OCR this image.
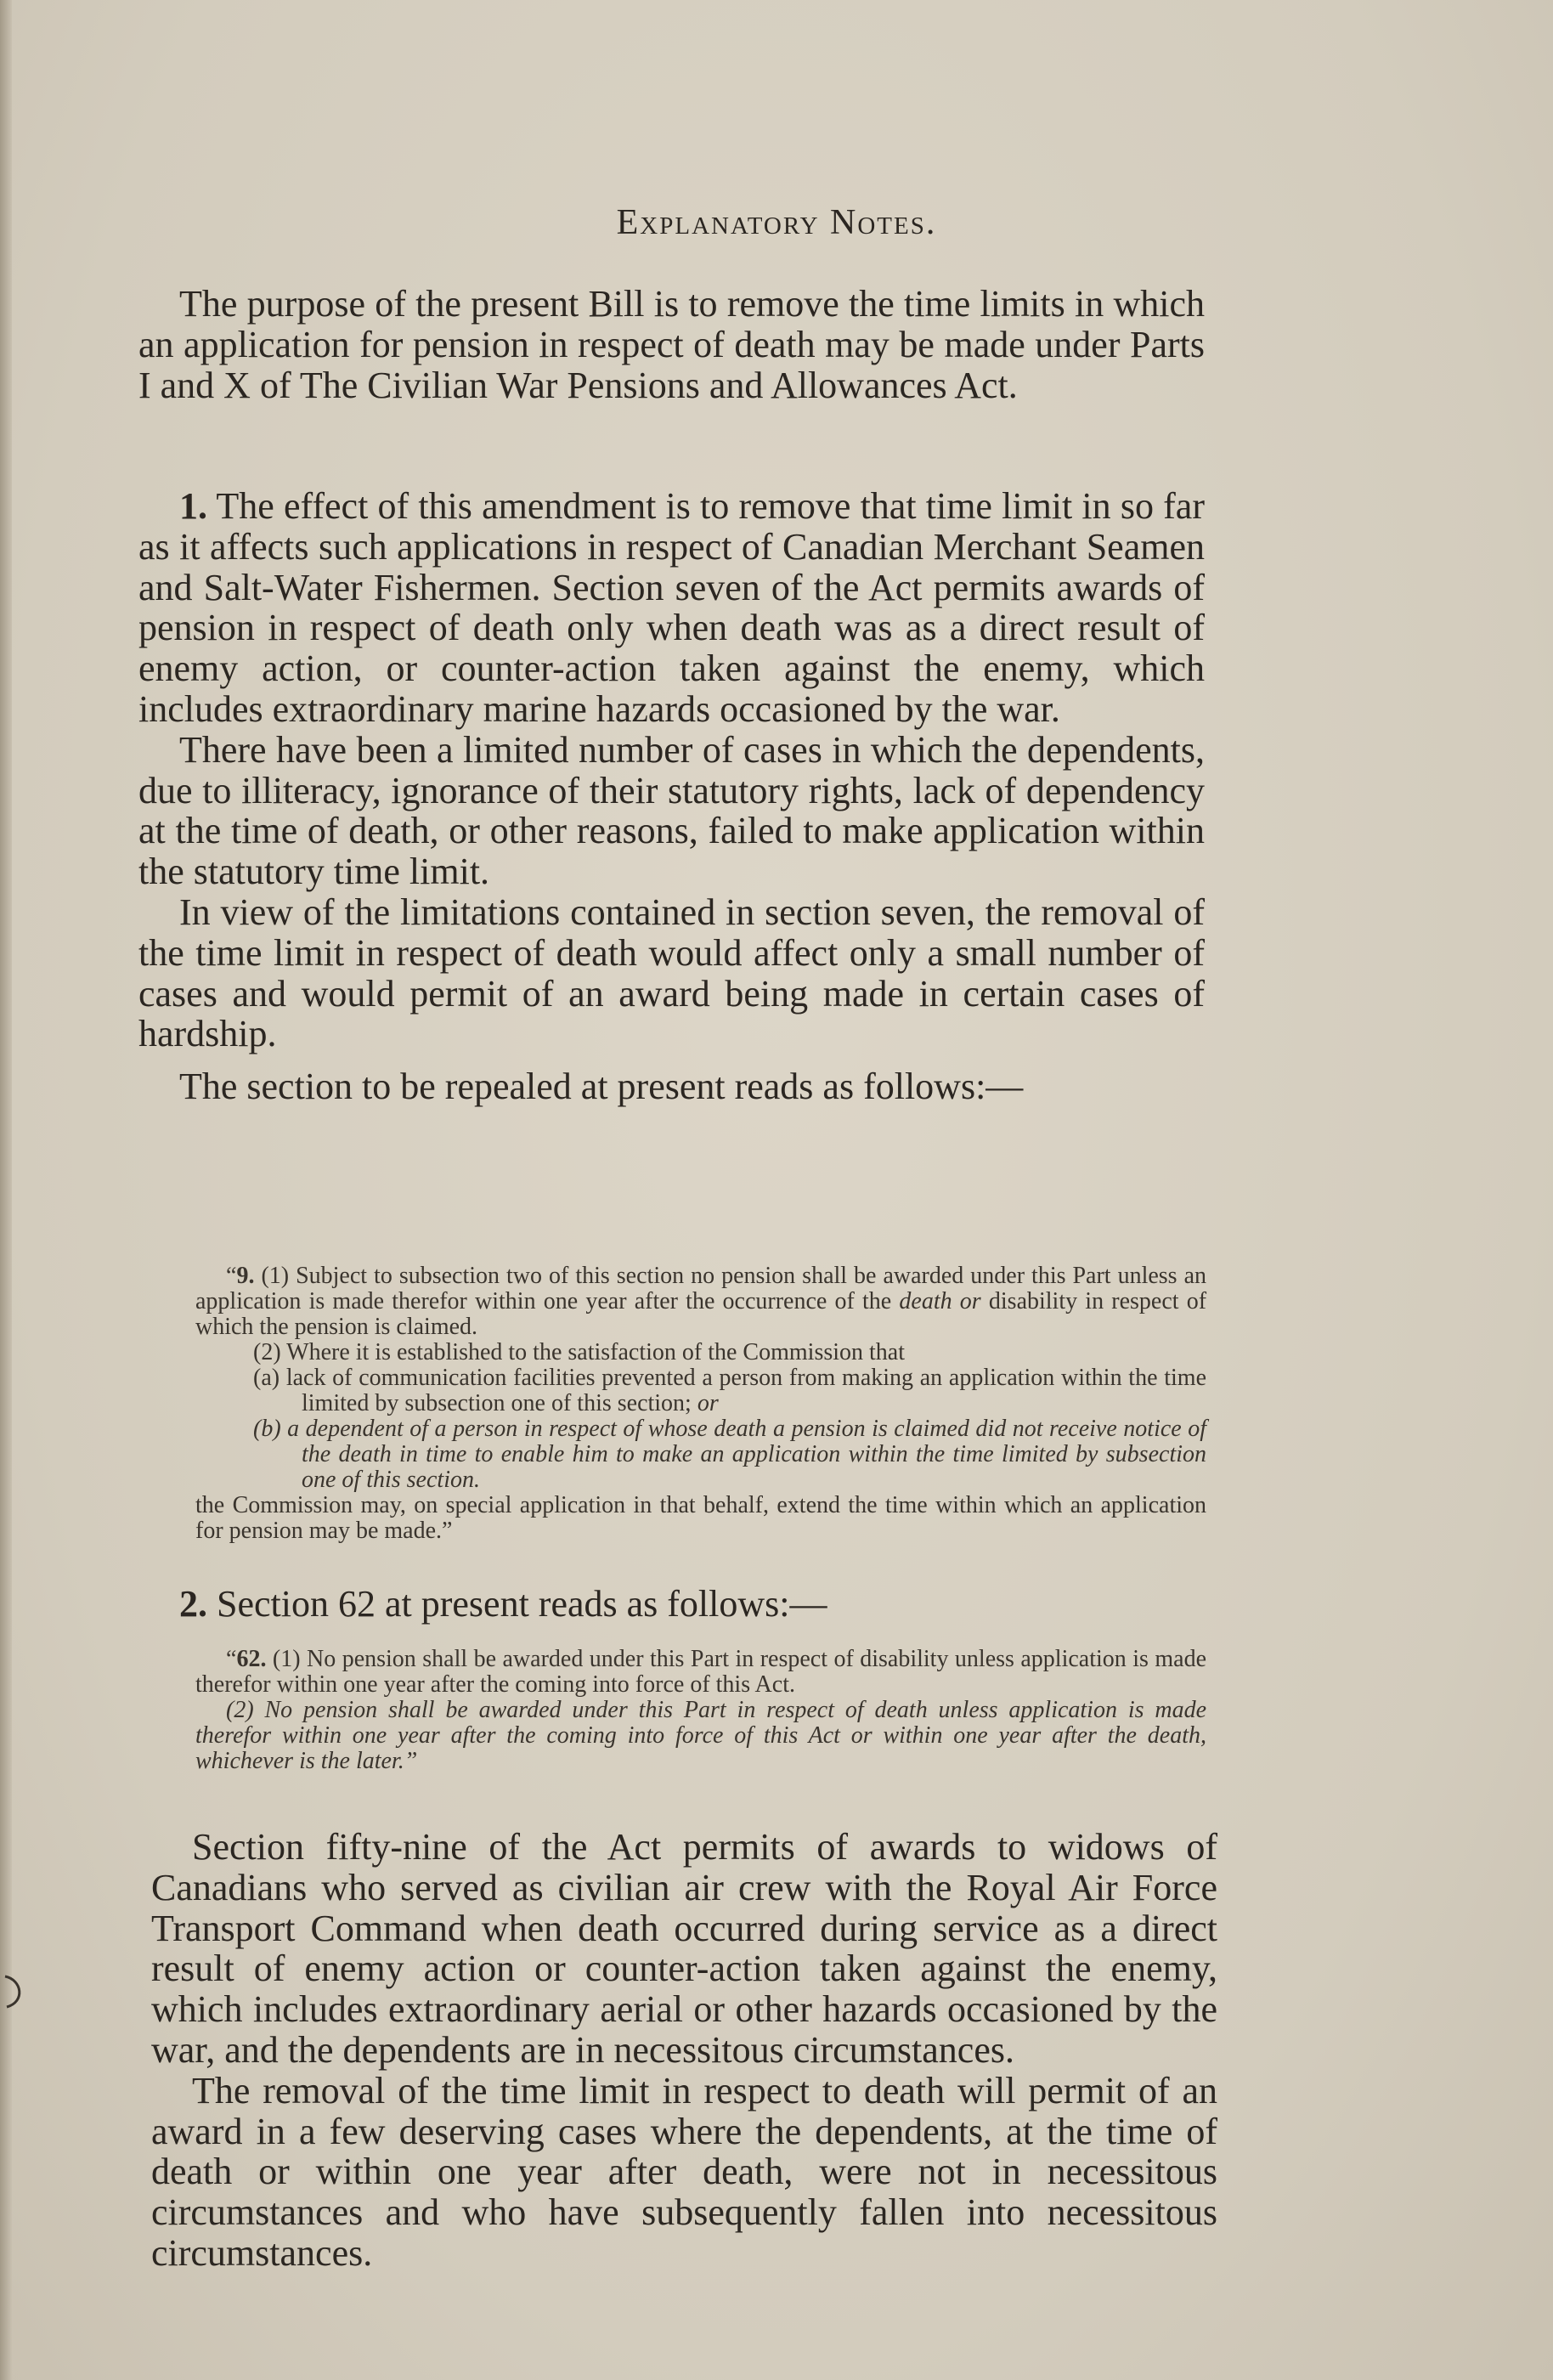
Explanatory Notes.

The purpose of the present Bill is to remove the time limits in which an application for pension in respect of death may be made under Parts I and X of The Civilian War Pensions and Allowances Act.

1. The effect of this amendment is to remove that time limit in so far as it affects such applications in respect of Canadian Merchant Seamen and Salt-Water Fishermen. Section seven of the Act permits awards of pension in respect of death only when death was as a direct result of enemy action, or counter-action taken against the enemy, which includes extraordinary marine hazards occasioned by the war.

There have been a limited number of cases in which the dependents, due to illiteracy, ignorance of their statutory rights, lack of dependency at the time of death, or other reasons, failed to make application within the statutory time limit.

In view of the limitations contained in section seven, the removal of the time limit in respect of death would affect only a small number of cases and would permit of an award being made in certain cases of hardship.

The section to be repealed at present reads as follows:—

“9. (1) Subject to subsection two of this section no pension shall be awarded under this Part unless an application is made therefor within one year after the occurrence of the death or disability in respect of which the pension is claimed.

(2) Where it is established to the satisfaction of the Commission that

(a) lack of communication facilities prevented a person from making an application within the time limited by subsection one of this section; or

(b) a dependent of a person in respect of whose death a pension is claimed did not receive notice of the death in time to enable him to make an application within the time limited by subsection one of this section.

the Commission may, on special application in that behalf, extend the time within which an application for pension may be made.”

2. Section 62 at present reads as follows:—

“62. (1) No pension shall be awarded under this Part in respect of disability unless application is made therefor within one year after the coming into force of this Act.

(2) No pension shall be awarded under this Part in respect of death unless application is made therefor within one year after the coming into force of this Act or within one year after the death, whichever is the later.”

Section fifty-nine of the Act permits of awards to widows of Canadians who served as civilian air crew with the Royal Air Force Transport Command when death occurred during service as a direct result of enemy action or counter-action taken against the enemy, which includes extraordinary aerial or other hazards occasioned by the war, and the dependents are in necessitous circumstances.

The removal of the time limit in respect to death will permit of an award in a few deserving cases where the dependents, at the time of death or within one year after death, were not in necessitous circumstances and who have subsequently fallen into necessitous circumstances.
